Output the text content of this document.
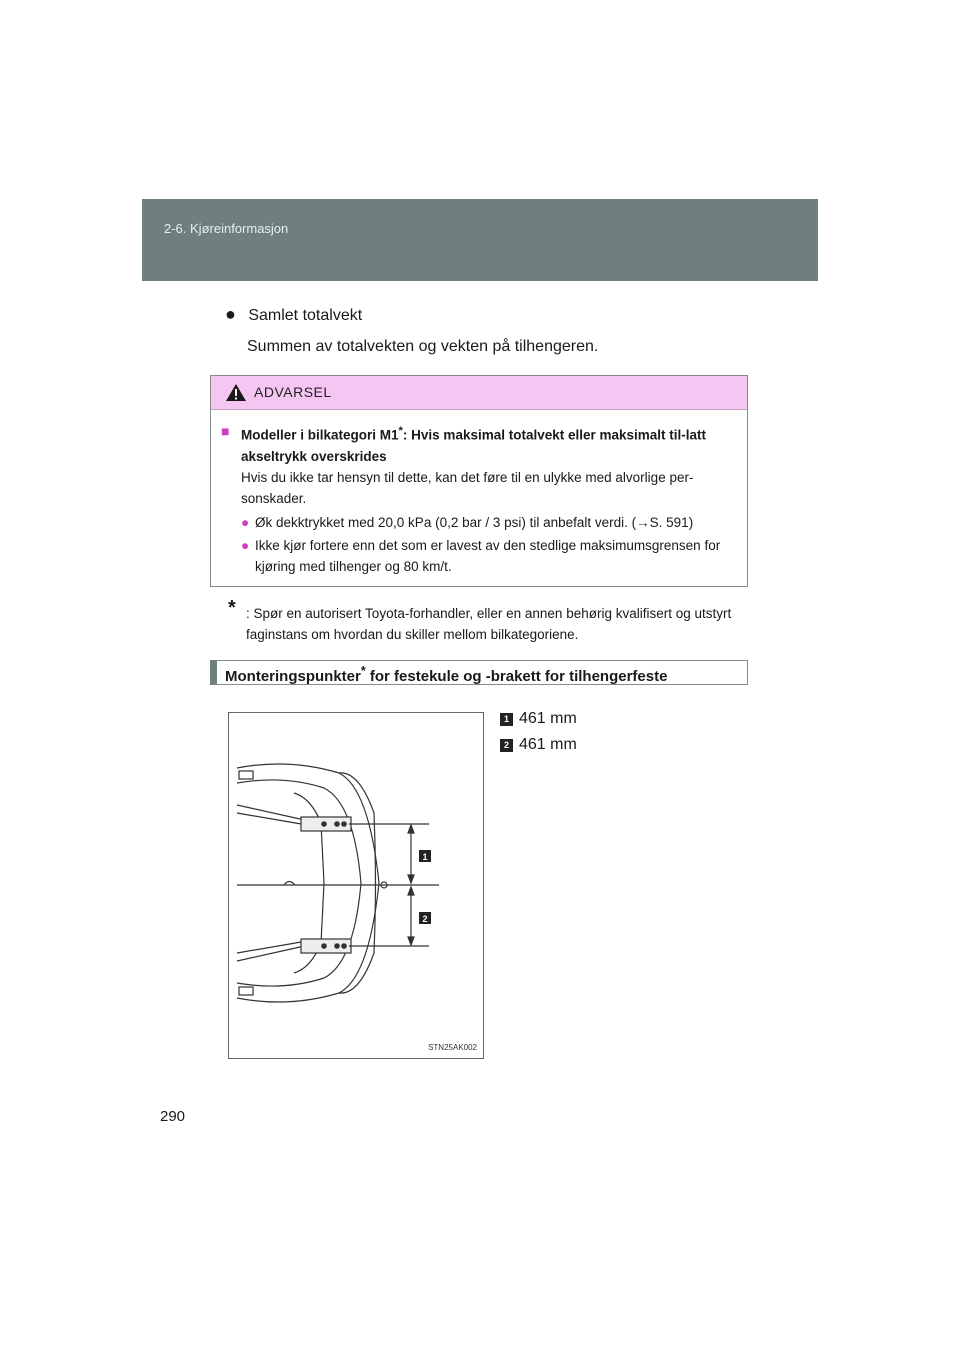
2-6. Kjøreinformasjon
● Samlet totalvekt
Summen av totalvekten og vekten på tilhengeren.
ADVARSEL
■ Modeller i bilkategori M1*: Hvis maksimal totalvekt eller maksimalt til-latt akseltrykk overskrides
Hvis du ikke tar hensyn til dette, kan det føre til en ulykke med alvorlige per-sonskader.
● Øk dekktrykket med 20,0 kPa (0,2 bar / 3 psi) til anbefalt verdi. (→S. 591)
● Ikke kjør fortere enn det som er lavest av den stedlige maksimumsgrensen for kjøring med tilhenger og 80 km/t.
* : Spør en autorisert Toyota-forhandler, eller en annen behørig kvalifisert og utstyrt faginstans om hvordan du skiller mellom bilkategoriene.
Monteringspunkter* for festekule og -brakett for tilhengerfeste
1
2
STN25AK002
1 461 mm
2 461 mm
290
